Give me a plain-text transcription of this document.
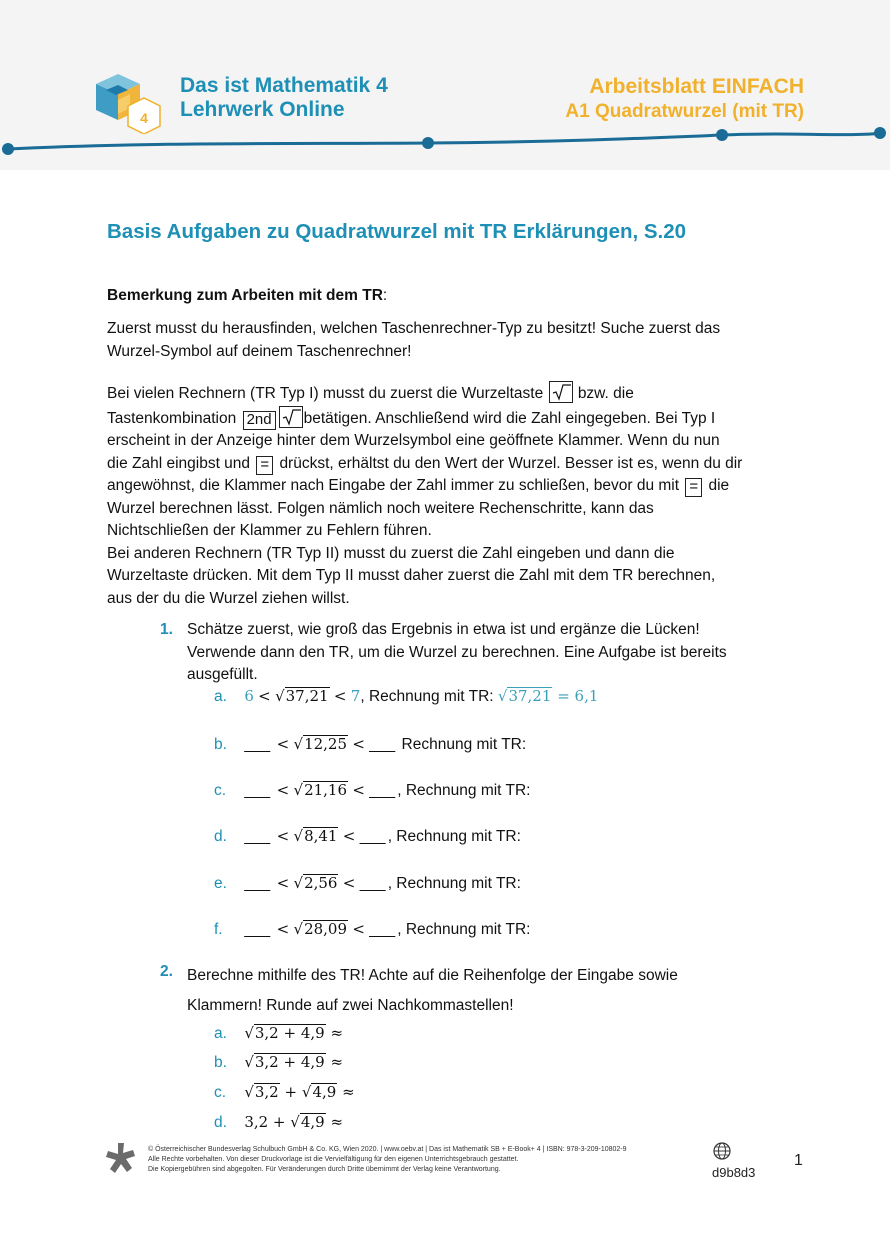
4
Das ist Mathematik 4
Lehrwerk Online
Arbeitsblatt EINFACH
A1 Quadratwurzel (mit TR)
Basis Aufgaben zu Quadratwurzel mit TR Erklärungen, S.20
Bemerkung zum Arbeiten mit dem TR:
Zuerst musst du herausfinden, welchen Taschenrechner-Typ zu besitzt! Suche zuerst das
Wurzel-Symbol auf deinem Taschenrechner!
Bei vielen Rechnern (TR Typ I) musst du zuerst die Wurzeltaste bzw. die
Tastenkombination 2nd betätigen. Anschließend wird die Zahl eingegeben. Bei Typ I
erscheint in der Anzeige hinter dem Wurzelsymbol eine geöffnete Klammer. Wenn du nun
die Zahl eingibst und = drückst, erhältst du den Wert der Wurzel. Besser ist es, wenn du dir
angewöhnst, die Klammer nach Eingabe der Zahl immer zu schließen, bevor du mit = die
Wurzel berechnen lässt. Folgen nämlich noch weitere Rechenschritte, kann das
Nichtschließen der Klammer zu Fehlern führen.
Bei anderen Rechnern (TR Typ II) musst du zuerst die Zahl eingeben und dann die
Wurzeltaste drücken. Mit dem Typ II musst daher zuerst die Zahl mit dem TR berechnen,
aus der du die Wurzel ziehen willst.
1. Schätze zuerst, wie groß das Ergebnis in etwa ist und ergänze die Lücken!
Verwende dann den TR, um die Wurzel zu berechnen. Eine Aufgabe ist bereits
ausgefüllt.
a. 6 < √37,21 < 7, Rechnung mit TR: √37,21 = 6,1
b. ___ < √12,25 < ___ Rechnung mit TR:
c. ___ < √21,16 < ___ , Rechnung mit TR:
d. ___ < √8,41 < ___ , Rechnung mit TR:
e. ___ < √2,56 < ___ , Rechnung mit TR:
f. ___ < √28,09 < ___ , Rechnung mit TR:
2. Berechne mithilfe des TR! Achte auf die Reihenfolge der Eingabe sowie
Klammern! Runde auf zwei Nachkommastellen!
a. √3,2 + 4,9 ≈
b. √3,2 + 4,9 ≈
c. √3,2 + √4,9 ≈
d. 3,2 + √4,9 ≈
© Österreichischer Bundesverlag Schulbuch GmbH & Co. KG, Wien 2020. | www.oebv.at | Das ist Mathematik SB + E-Book+ 4 | ISBN: 978-3-209-10802-9
Alle Rechte vorbehalten. Von dieser Druckvorlage ist die Vervielfältigung für den eigenen Unterrichtsgebrauch gestattet.
Die Kopiergebühren sind abgegolten. Für Veränderungen durch Dritte übernimmt der Verlag keine Verantwortung.	d9b8d3
1
